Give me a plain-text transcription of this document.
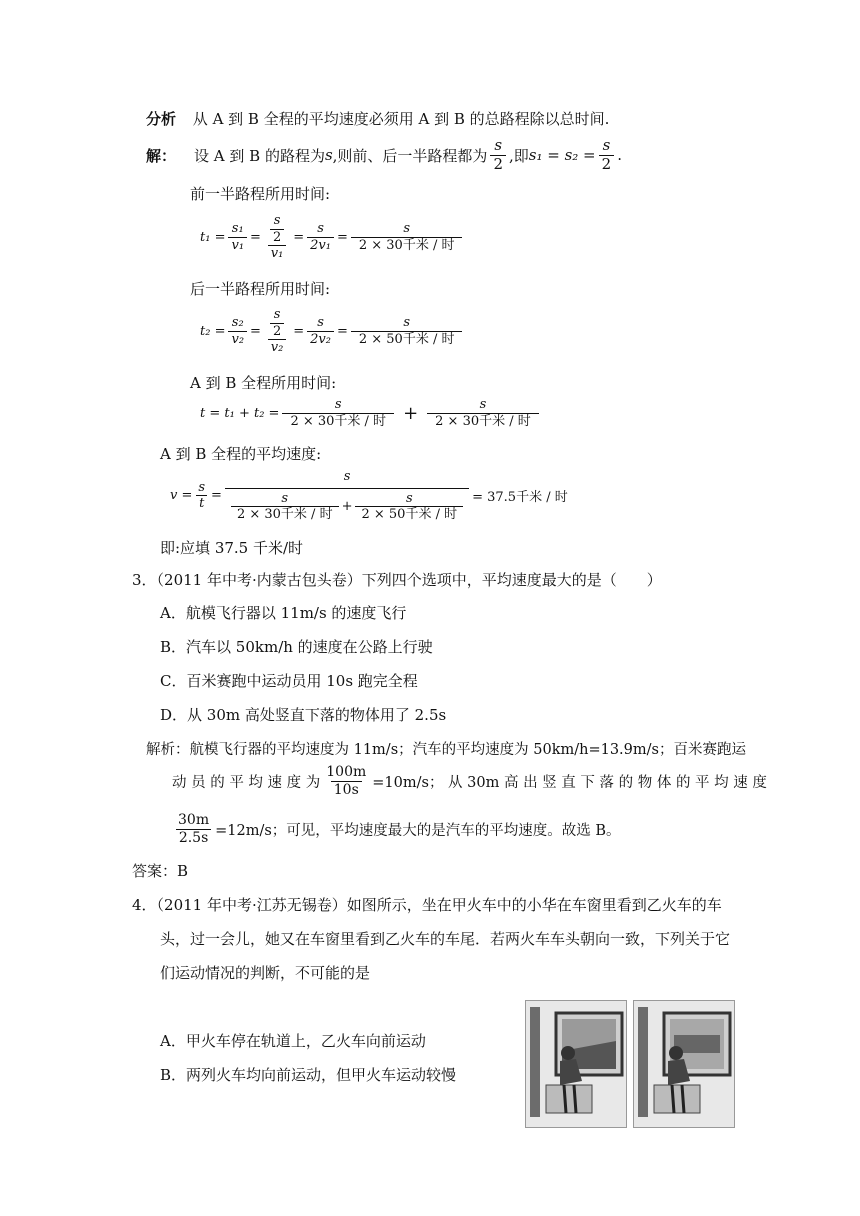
分析 从 A 到 B 全程的平均速度必须用 A 到 B 的总路程除以总时间.
解： 设 A 到 B 的路程为 s ,则前、后一半路程都为 $\frac{s}{2}$ ,即 $s_1 = s_2 = \frac{s}{2}$ .
前一半路程所用时间:
$t_1 = \frac{\text{s₁}}{\text{v₁}} = \frac{\frac{s}{2}}{\text{v₁}} = \frac{s}{\text{2v₁}} = \frac{s}{\text{2 × 30千米 / 时}}$
后一半路程所用时间:
$t_2 = \frac{\text{s₂}}{\text{v₂}} = \frac{\frac{s}{2}}{\text{v₂}} = \frac{s}{\text{2v₂}} = \frac{s}{\text{2 × 50千米 / 时}}$
A 到 B 全程所用时间:
$t = t_1 + t_2 = \frac{s}{\text{2 × 30千米 / 时}} + \frac{s}{\text{2 × 30千米 / 时}}$
A 到 B 全程的平均速度:
$v = \frac{s}{t} = \frac{s}{\frac{s}{\text{2 × 30千米 / 时}} + \frac{s}{\text{2 × 50千米 / 时}}} = 37.5$千米 / 时
即:应填 37.5 千米/时
3．（2011 年中考·内蒙古包头卷）下列四个选项中，平均速度最大的是（　　）
A．航模飞行器以 11m/s 的速度飞行
B．汽车以 50km/h 的速度在公路上行驶
C．百米赛跑中运动员用 10s 跑完全程
D．从 30m 高处竖直下落的物体用了 2.5s
解析：航模飞行器的平均速度为 11m/s；汽车的平均速度为 50km/h=13.9m/s；百米赛跑运
动 员 的 平 均 速 度 为 $\frac{100m}{10s} =10m/s$； 从 30m 高 出 竖 直 下 落 的 物 体 的 平 均 速 度
$\frac{30m}{2.5s} =12m/s$；可见，平均速度最大的是汽车的平均速度。故选 B。
答案：B
4．（2011 年中考·江苏无锡卷）如图所示，坐在甲火车中的小华在车窗里看到乙火车的车
头，过一会儿，她又在车窗里看到乙火车的车尾．若两火车车头朝向一致，下列关于它
们运动情况的判断，不可能的是
A．甲火车停在轨道上，乙火车向前运动
B．两列火车均向前运动，但甲火车运动较慢
